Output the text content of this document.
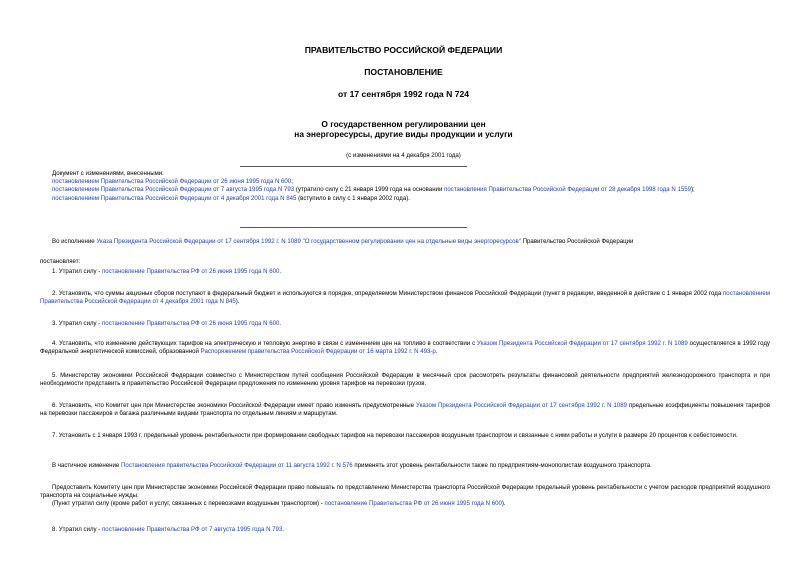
ПРАВИТЕЛЬСТВО РОССИЙСКОЙ ФЕДЕРАЦИИ
ПОСТАНОВЛЕНИЕ
от 17 сентября 1992 года N 724
О государственном регулировании цен
на энергоресурсы, другие виды продукции и услуги
(с изменениями на 4 декабря 2001 года)
Документ с изменениями, внесенными:
постановлением Правительства Российской Федерации от 26 июня 1995 года N 600;
постановлением Правительства Российской Федерации от 7 августа 1995 года N 793 (утратило силу с 21 января 1999 года на основании постановления Правительства Российской Федерации от 28 декабря 1998 года N 1559);
постановлением Правительства Российской Федерации от 4 декабря 2001 года N 845 (вступило в силу с 1 января 2002 года).
Во исполнение Указа Президента Российской Федерации от 17 сентября 1992 г. N 1089 "О государственном регулировании цен на отдельные виды энергоресурсов" Правительство Российской Федерации
постановляет:
1. Утратил силу - постановление Правительства РФ от 26 июня 1995 года N 600.
2. Установить, что суммы акцизных сборов поступают в федеральный бюджет и используются в порядке, определяемом Министерством финансов Российской Федерации (пункт в редакции, введенной в действие с 1 января 2002 года постановлением Правительства Российской Федерации от 4 декабря 2001 года N 845).
3. Утратил силу - постановление Правительства РФ от 26 июня 1995 года N 600.
4. Установить, что изменение действующих тарифов на электрическую и тепловую энергию в связи с изменением цен на топливо в соответствии с Указом Президента Российской Федерации от 17 сентября 1992 г. N 1089 осуществляется в 1992 году Федеральной энергетической комиссией, образованной Распоряжением правительства Российской Федерации от 16 марта 1992 г. N 493-р.
5. Министерству экономики Российской Федерации совместно с Министерством путей сообщения Российской Федерации в месячный срок рассмотреть результаты финансовой деятельности предприятий железнодорожного транспорта и при необходимости представить в правительство Российской Федерации предложения по изменению уровня тарифов на перевозки грузов.
6. Установить, что Комитет цен при Министерстве экономики Российской Федерации имеет право изменять предусмотренные Указом Президента Российской Федерации от 17 сентября 1992 г. N 1089 предельные коэффициенты повышения тарифов на перевозки пассажиров и багажа различными видами транспорта по отдельным линиям и маршрутам.
7. Установить с 1 января 1993 г. предельный уровень рентабельности при формировании свободных тарифов на перевозки пассажиров воздушным транспортом и связанные с ними работы и услуги в размере 20 процентов к себестоимости.
В частичное изменение Постановления правительства Российской Федерации от 11 августа 1992 г. N 576 применять этот уровень рентабельности также по предприятиям-монополистам воздушного транспорта.
Предоставить Комитету цен при Министерстве экономики Российской Федерации право повышать по представлению Министерства транспорта Российской Федерации предельный уровень рентабельности с учетом расходов предприятий воздушного транспорта на социальные нужды.
(Пункт утратил силу (кроме работ и услуг, связанных с перевозками воздушным транспортом) - постановление Правительства РФ от 26 июня 1995 года N 600).
8. Утратил силу - постановление Правительства РФ от 7 августа 1995 года N 793.
